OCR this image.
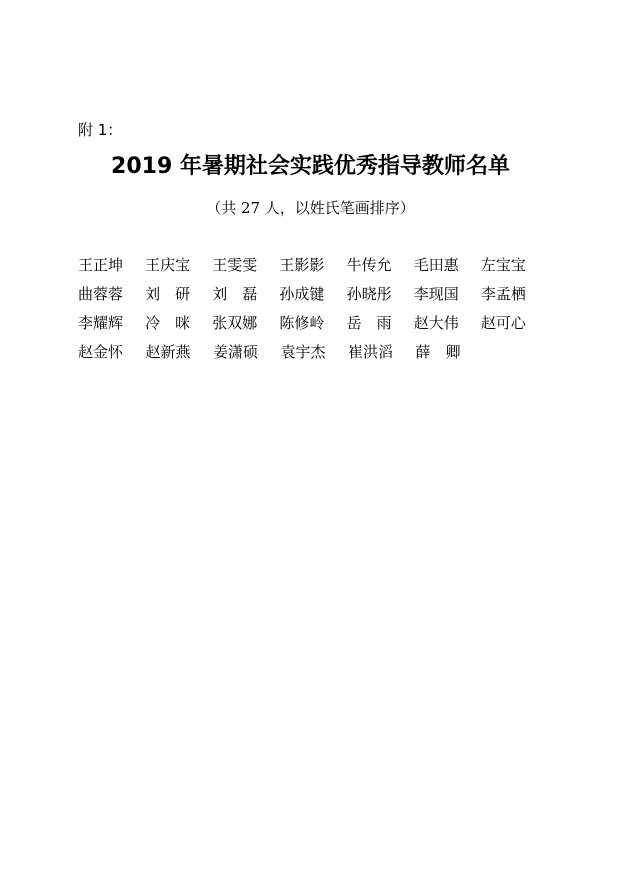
附 1：
2019 年暑期社会实践优秀指导教师名单
（共 27 人，以姓氏笔画排序）
王正坤	王庆宝	王雯雯	王影影	牛传允	毛田惠	左宝宝
曲蓉蓉	刘　研	刘　磊	孙成键	孙晓彤	李现国	李孟栖
李耀辉	冷　咪	张双娜	陈修岭	岳　雨	赵大伟	赵可心
赵金怀	赵新燕	姜潇硕	袁宇杰	崔洪滔	薛　卿
